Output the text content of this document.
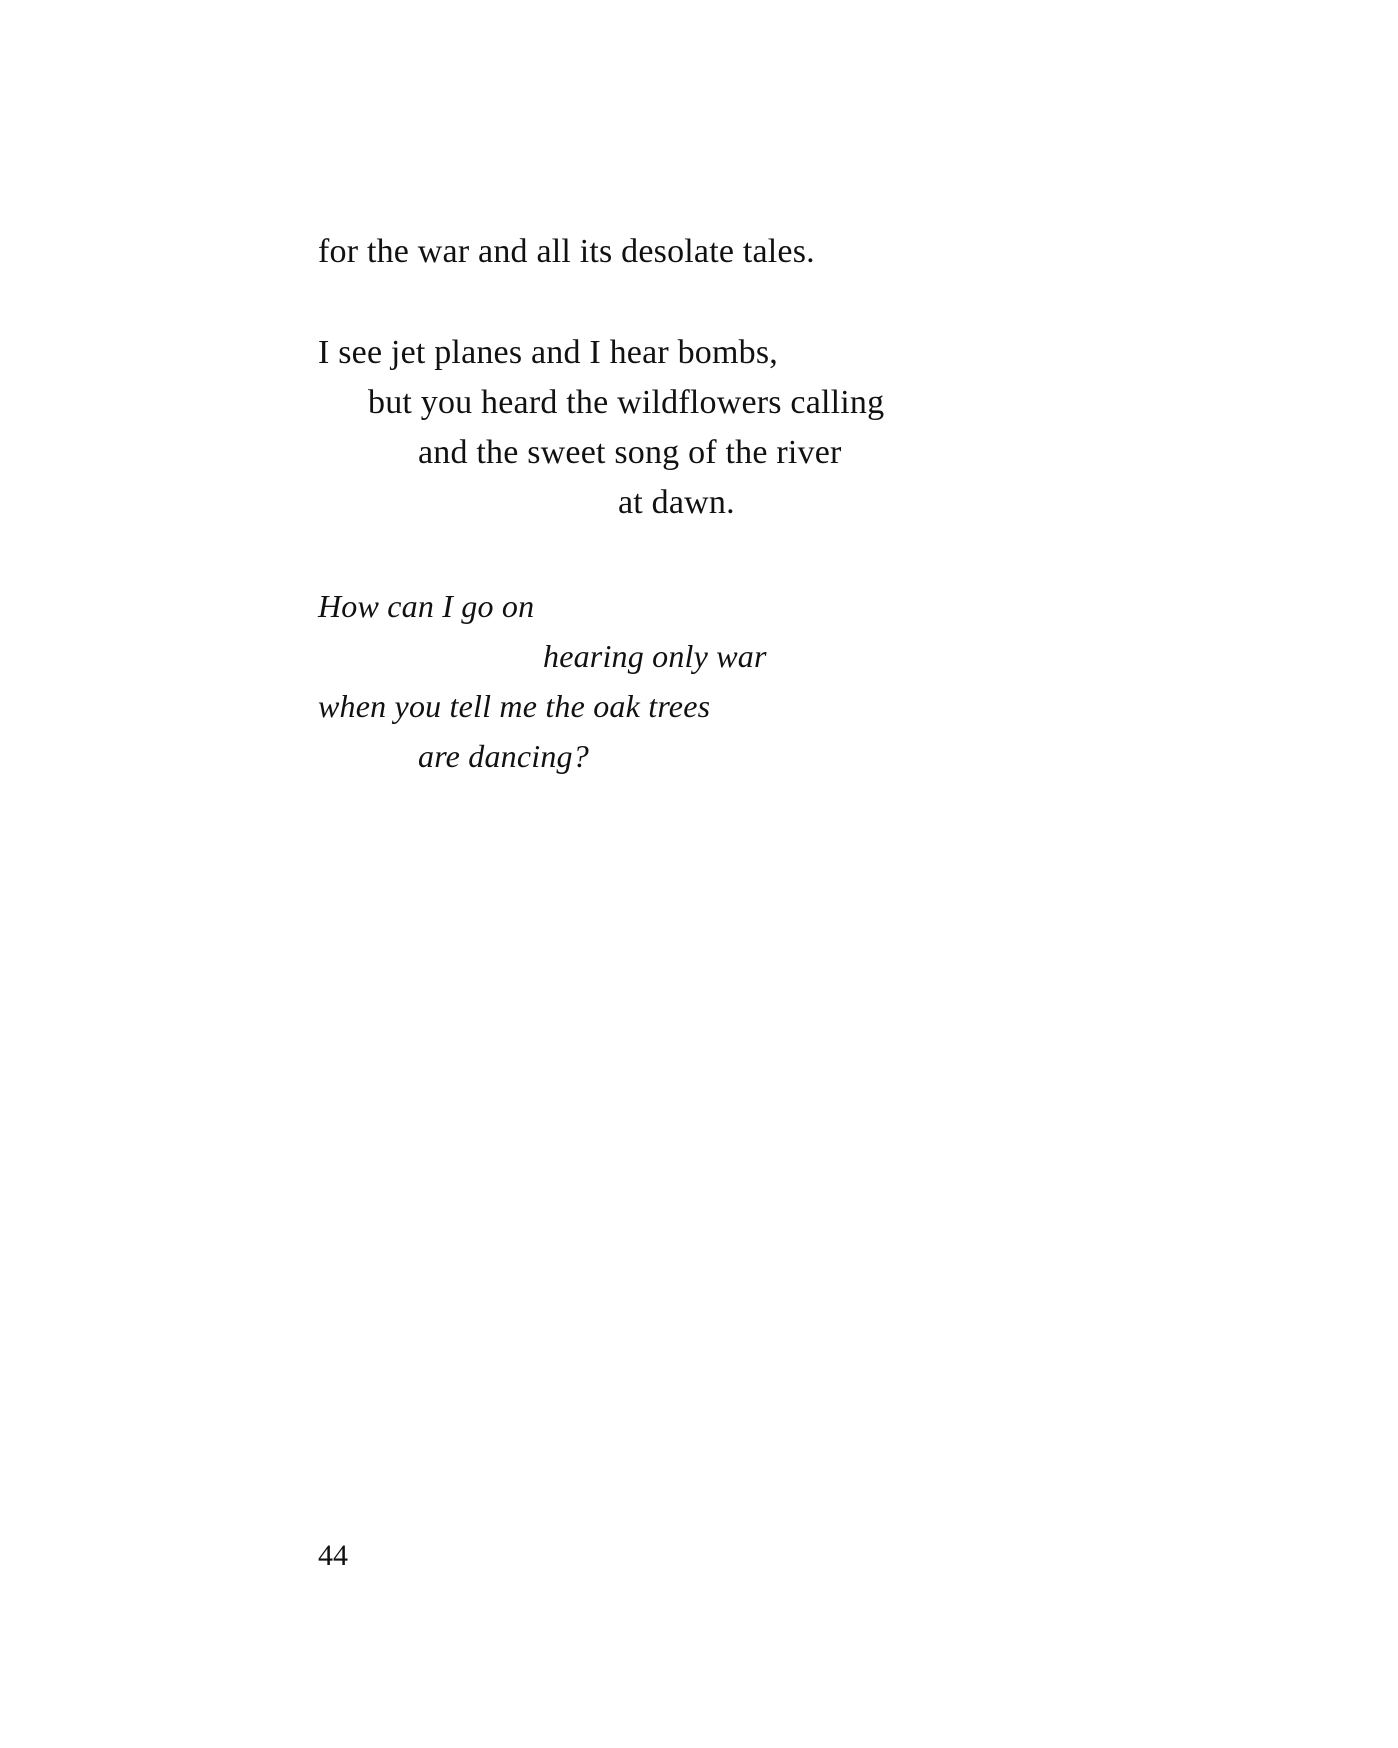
for the war and all its desolate tales.
I see jet planes and I hear bombs,
but you heard the wildflowers calling
and the sweet song of the river
at dawn.
How can I go on
hearing only war
when you tell me the oak trees
are dancing?
44
